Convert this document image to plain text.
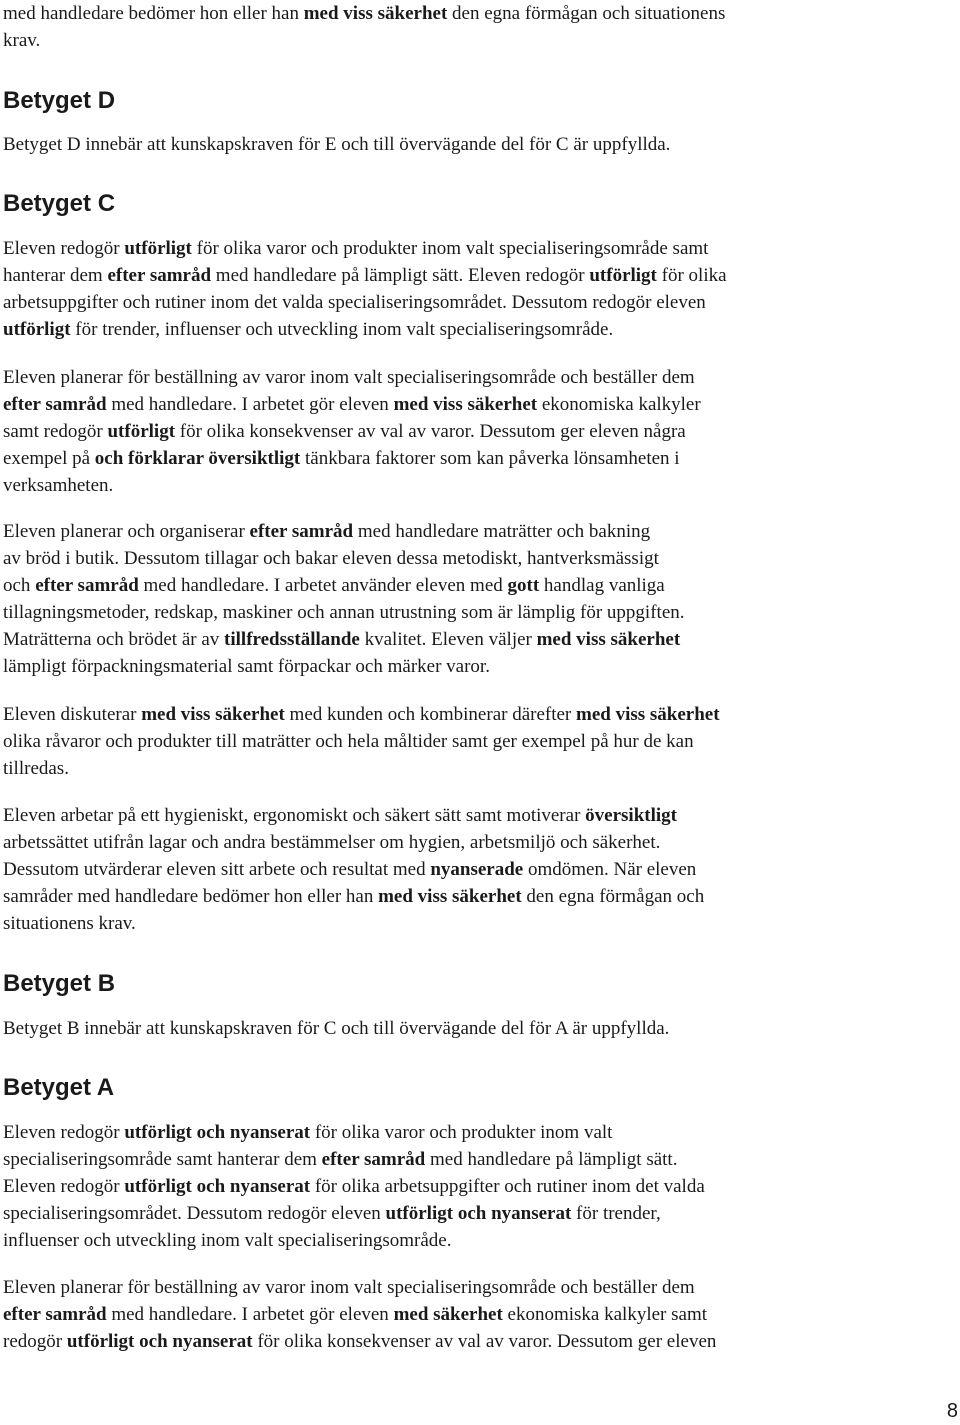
Betyget D
Betyget C
Betyget B
Betyget A

med handledare bedömer hon eller han med viss säkerhet den egna förmågan och situationens
krav.

Betyget D innebär att kunskapskraven för E och till övervägande del för C är uppfyllda.

Eleven redogör utförligt för olika varor och produkter inom valt specialiseringsområde samt
hanterar dem efter samråd med handledare på lämpligt sätt. Eleven redogör utförligt för olika
arbetsuppgifter och rutiner inom det valda specialiseringsområdet. Dessutom redogör eleven
utförligt för trender, influenser och utveckling inom valt specialiseringsområde.

Eleven planerar för beställning av varor inom valt specialiseringsområde och beställer dem
efter samråd med handledare. I arbetet gör eleven med viss säkerhet ekonomiska kalkyler
samt redogör utförligt för olika konsekvenser av val av varor. Dessutom ger eleven några
exempel på och förklarar översiktligt tänkbara faktorer som kan påverka lönsamheten i
verksamheten.

Eleven planerar och organiserar efter samråd med handledare maträtter och bakning
av bröd i butik. Dessutom tillagar och bakar eleven dessa metodiskt, hantverksmässigt
och efter samråd med handledare. I arbetet använder eleven med gott handlag vanliga
tillagningsmetoder, redskap, maskiner och annan utrustning som är lämplig för uppgiften.
Maträtterna och brödet är av tillfredsställande kvalitet. Eleven väljer med viss säkerhet
lämpligt förpackningsmaterial samt förpackar och märker varor.

Eleven diskuterar med viss säkerhet med kunden och kombinerar därefter med viss säkerhet
olika råvaror och produkter till maträtter och hela måltider samt ger exempel på hur de kan
tillredas.

Eleven arbetar på ett hygieniskt, ergonomiskt och säkert sätt samt motiverar översiktligt
arbetssättet utifrån lagar och andra bestämmelser om hygien, arbetsmiljö och säkerhet.
Dessutom utvärderar eleven sitt arbete och resultat med nyanserade omdömen. När eleven
samråder med handledare bedömer hon eller han med viss säkerhet den egna förmågan och
situationens krav.

Betyget B innebär att kunskapskraven för C och till övervägande del för A är uppfyllda.

Eleven redogör utförligt och nyanserat för olika varor och produkter inom valt
specialiseringsområde samt hanterar dem efter samråd med handledare på lämpligt sätt.
Eleven redogör utförligt och nyanserat för olika arbetsuppgifter och rutiner inom det valda
specialiseringsområdet. Dessutom redogör eleven utförligt och nyanserat för trender,
influenser och utveckling inom valt specialiseringsområde.

Eleven planerar för beställning av varor inom valt specialiseringsområde och beställer dem
efter samråd med handledare. I arbetet gör eleven med säkerhet ekonomiska kalkyler samt
redogör utförligt och nyanserat för olika konsekvenser av val av varor. Dessutom ger eleven

8
